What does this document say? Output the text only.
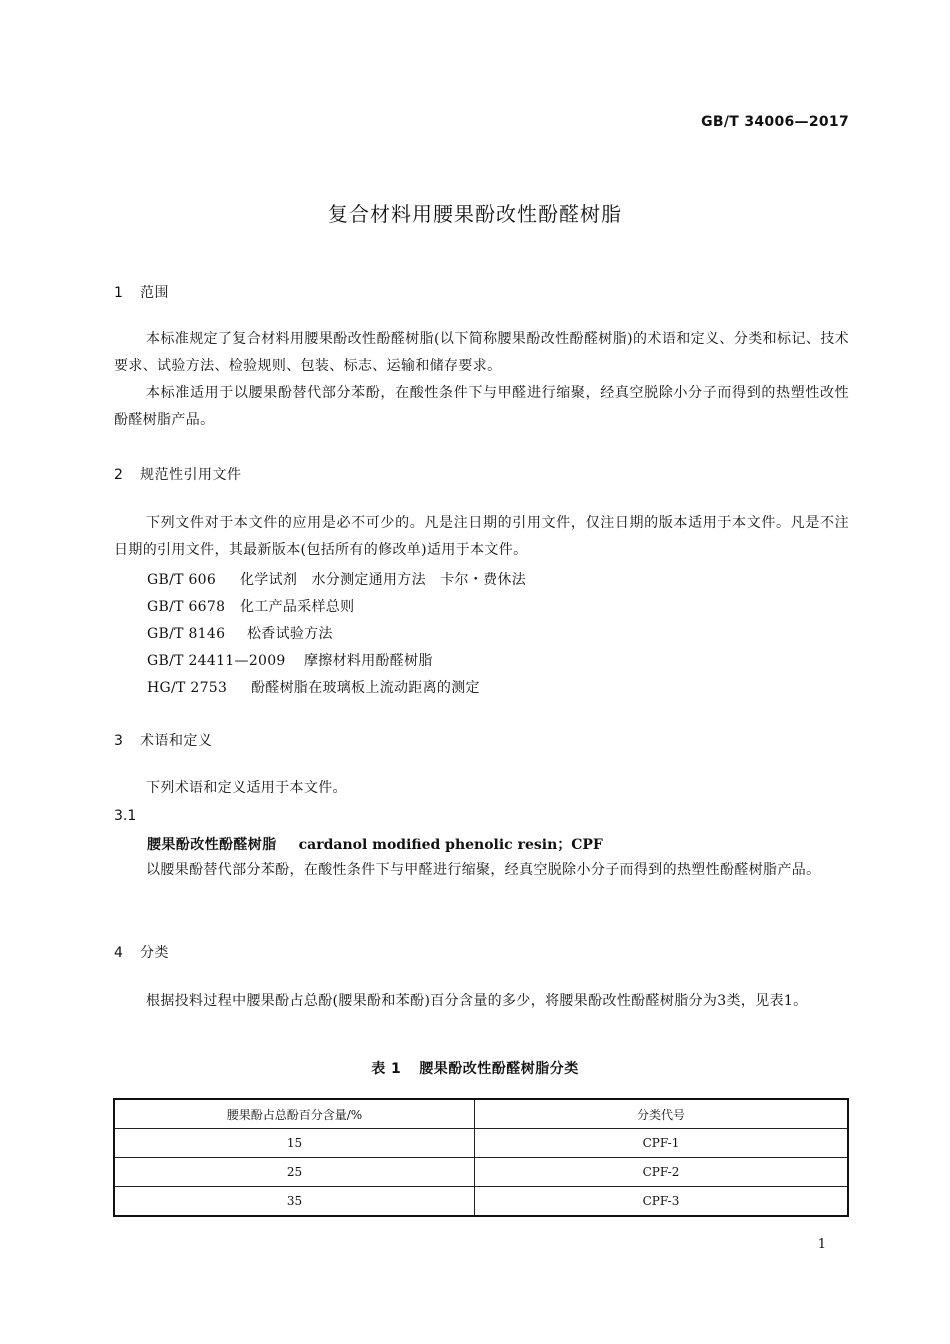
GB/T 34006—2017
复合材料用腰果酚改性酚醛树脂
1 范围

本标准规定了复合材料用腰果酚改性酚醛树脂(以下简称腰果酚改性酚醛树脂)的术语和定义、分类和标记、技术要求、试验方法、检验规则、包装、标志、运输和储存要求。

本标准适用于以腰果酚替代部分苯酚，在酸性条件下与甲醛进行缩聚，经真空脱除小分子而得到的热塑性改性酚醛树脂产品。

2 规范性引用文件

下列文件对于本文件的应用是必不可少的。凡是注日期的引用文件，仅注日期的版本适用于本文件。凡是不注日期的引用文件，其最新版本(包括所有的修改单)适用于本文件。

GB/T 606 化学试剂　水分测定通用方法　卡尔・费休法
GB/T 6678 化工产品采样总则
GB/T 8146 松香试验方法
GB/T 24411—2009 摩擦材料用酚醛树脂
HG/T 2753 酚醛树脂在玻璃板上流动距离的测定
3 术语和定义

下列术语和定义适用于本文件。

3.1
腰果酚改性酚醛树脂 cardanol modified phenolic resin；CPF

以腰果酚替代部分苯酚，在酸性条件下与甲醛进行缩聚，经真空脱除小分子而得到的热塑性酚醛树脂产品。

4 分类

根据投料过程中腰果酚占总酚(腰果酚和苯酚)百分含量的多少，将腰果酚改性酚醛树脂分为3类，见表1。

表 1 腰果酚改性酚醛树脂分类
腰果酚占总酚百分含量/%	分类代号
15	CPF-1
25	CPF-2
35	CPF-3
1
